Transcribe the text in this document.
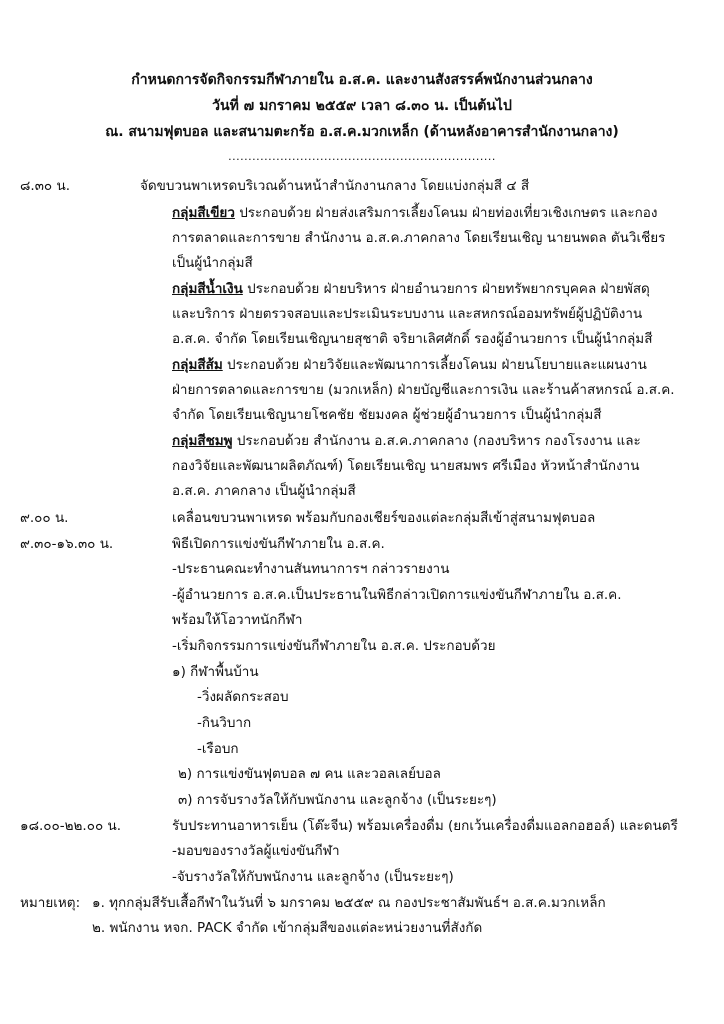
กำหนดการจัดกิจกรรมกีฬาภายใน อ.ส.ค. และงานสังสรรค์พนักงานส่วนกลาง
วันที่ ๗ มกราคม ๒๕๕๙ เวลา ๘.๓๐ น. เป็นต้นไป
ณ. สนามฟุตบอล และสนามตะกร้อ อ.ส.ค.มวกเหล็ก (ด้านหลังอาคารสำนักงานกลาง)
...................................................................
๘.๓๐ น.	จัดขบวนพาเหรดบริเวณด้านหน้าสำนักงานกลาง โดยแบ่งกลุ่มสี ๔ สี
กลุ่มสีเขียว ประกอบด้วย ฝ่ายส่งเสริมการเลี้ยงโคนม ฝ่ายท่องเที่ยวเชิงเกษตร และกอง
การตลาดและการขาย สำนักงาน อ.ส.ค.ภาคกลาง โดยเรียนเชิญ นายนพดล ตันวิเชียร
เป็นผู้นำกลุ่มสี
กลุ่มสีน้ำเงิน ประกอบด้วย ฝ่ายบริหาร ฝ่ายอำนวยการ ฝ่ายทรัพยากรบุคคล ฝ่ายพัสดุ
และบริการ ฝ่ายตรวจสอบและประเมินระบบงาน และสหกรณ์ออมทรัพย์ผู้ปฏิบัติงาน
อ.ส.ค. จำกัด โดยเรียนเชิญนายสุชาติ จริยาเลิศศักดิ์ รองผู้อำนวยการ เป็นผู้นำกลุ่มสี
กลุ่มสีส้ม ประกอบด้วย ฝ่ายวิจัยและพัฒนาการเลี้ยงโคนม ฝ่ายนโยบายและแผนงาน
ฝ่ายการตลาดและการขาย (มวกเหล็ก) ฝ่ายบัญชีและการเงิน และร้านค้าสหกรณ์ อ.ส.ค.
จำกัด โดยเรียนเชิญนายโชคชัย ชัยมงคล ผู้ช่วยผู้อำนวยการ เป็นผู้นำกลุ่มสี
กลุ่มสีชมพู ประกอบด้วย สำนักงาน อ.ส.ค.ภาคกลาง (กองบริหาร กองโรงงาน และ
กองวิจัยและพัฒนาผลิตภัณฑ์) โดยเรียนเชิญ นายสมพร ศรีเมือง หัวหน้าสำนักงาน
อ.ส.ค. ภาคกลาง เป็นผู้นำกลุ่มสี
๙.๐๐ น.	เคลื่อนขบวนพาเหรด พร้อมกับกองเชียร์ของแต่ละกลุ่มสีเข้าสู่สนามฟุตบอล
๙.๓๐-๑๖.๓๐ น.	พิธีเปิดการแข่งขันกีฬาภายใน อ.ส.ค.
-ประธานคณะทำงานสันทนาการฯ กล่าวรายงาน
-ผู้อำนวยการ อ.ส.ค.เป็นประธานในพิธีกล่าวเปิดการแข่งขันกีฬาภายใน อ.ส.ค.
พร้อมให้โอวาทนักกีฬา
-เริ่มกิจกรรมการแข่งขันกีฬาภายใน อ.ส.ค. ประกอบด้วย
๑) กีฬาพื้นบ้าน
-วิ่งผลัดกระสอบ
-กินวิบาก
-เรือบก
๒) การแข่งขันฟุตบอล ๗ คน และวอลเลย์บอล
๓) การจับรางวัลให้กับพนักงาน และลูกจ้าง (เป็นระยะๆ)
๑๘.๐๐-๒๒.๐๐ น.	รับประทานอาหารเย็น (โต๊ะจีน) พร้อมเครื่องดื่ม (ยกเว้นเครื่องดื่มแอลกอฮอล์) และดนตรี
-มอบของรางวัลผู้แข่งขันกีฬา
-จับรางวัลให้กับพนักงาน และลูกจ้าง (เป็นระยะๆ)
หมายเหตุ: ๑. ทุกกลุ่มสีรับเสื้อกีฬาในวันที่ ๖ มกราคม ๒๕๕๙ ณ กองประชาสัมพันธ์ฯ อ.ส.ค.มวกเหล็ก
๒. พนักงาน หจก. PACK จำกัด เข้ากลุ่มสีของแต่ละหน่วยงานที่สังกัด
